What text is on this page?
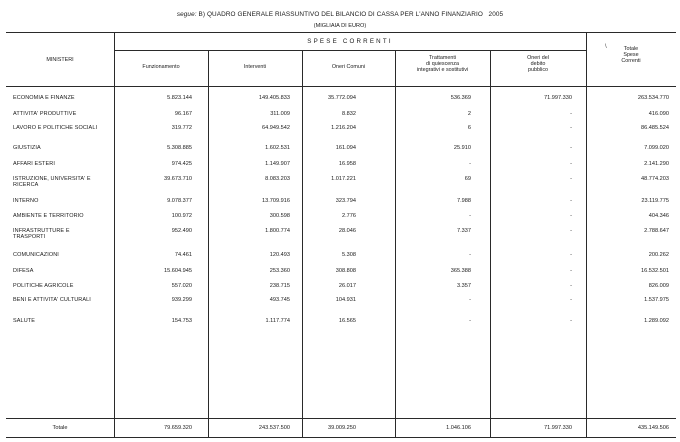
segue: B) QUADRO GENERALE RIASSUNTIVO DEL BILANCIO DI CASSA PER L'ANNO FINANZIARIO 2005
(MIGLIAIA DI EURO)
\
MINISTERI
SPESE CORRENTI
Funzionamento	Interventi	Oneri Comuni
Trattamenti
di quiescenza
integrativi e sostitutivi
Oneri del
debito
pubblico
Totale
Spese
Correnti
ECONOMIA E FINANZE	5.823.144	149.405.833	35.772.094	536.369	71.997.330	263.534.770
ATTIVITA' PRODUTTIVE	96.167	311.009	8.832	2	-	416.090
LAVORO E POLITICHE SOCIALI	319.772	64.949.542	1.216.204	6	-	86.485.524
GIUSTIZIA	5.308.885	1.602.531	161.094	25.910	-	7.099.020
AFFARI ESTERI	974.425	1.149.907	16.958	-	-	2.141.290
ISTRUZIONE, UNIVERSITA' E RICERCA
39.673.710	8.083.203	1.017.221	69	-	48.774.203
INTERNO	9.078.377	13.709.916	323.794	7.988	-	23.119.775
AMBIENTE E TERRITORIO	100.972	300.598	2.776	-	-	404.346
INFRASTRUTTURE E TRASPORTI
952.490	1.800.774	28.046	7.337	-	2.788.647
COMUNICAZIONI	74.461	120.493	5.308	-	-	200.262
DIFESA	15.604.945	253.360	308.808	365.388	-	16.532.501
POLITICHE AGRICOLE	557.020	238.715	26.017	3.357	-	826.009
BENI E ATTIVITA' CULTURALI	939.299	493.745	104.931	-	-	1.537.975
SALUTE	154.753	1.117.774	16.565	-	-	1.289.092
Totale	79.659.320	243.537.500	39.009.250	1.046.106	71.997.330	435.149.506
